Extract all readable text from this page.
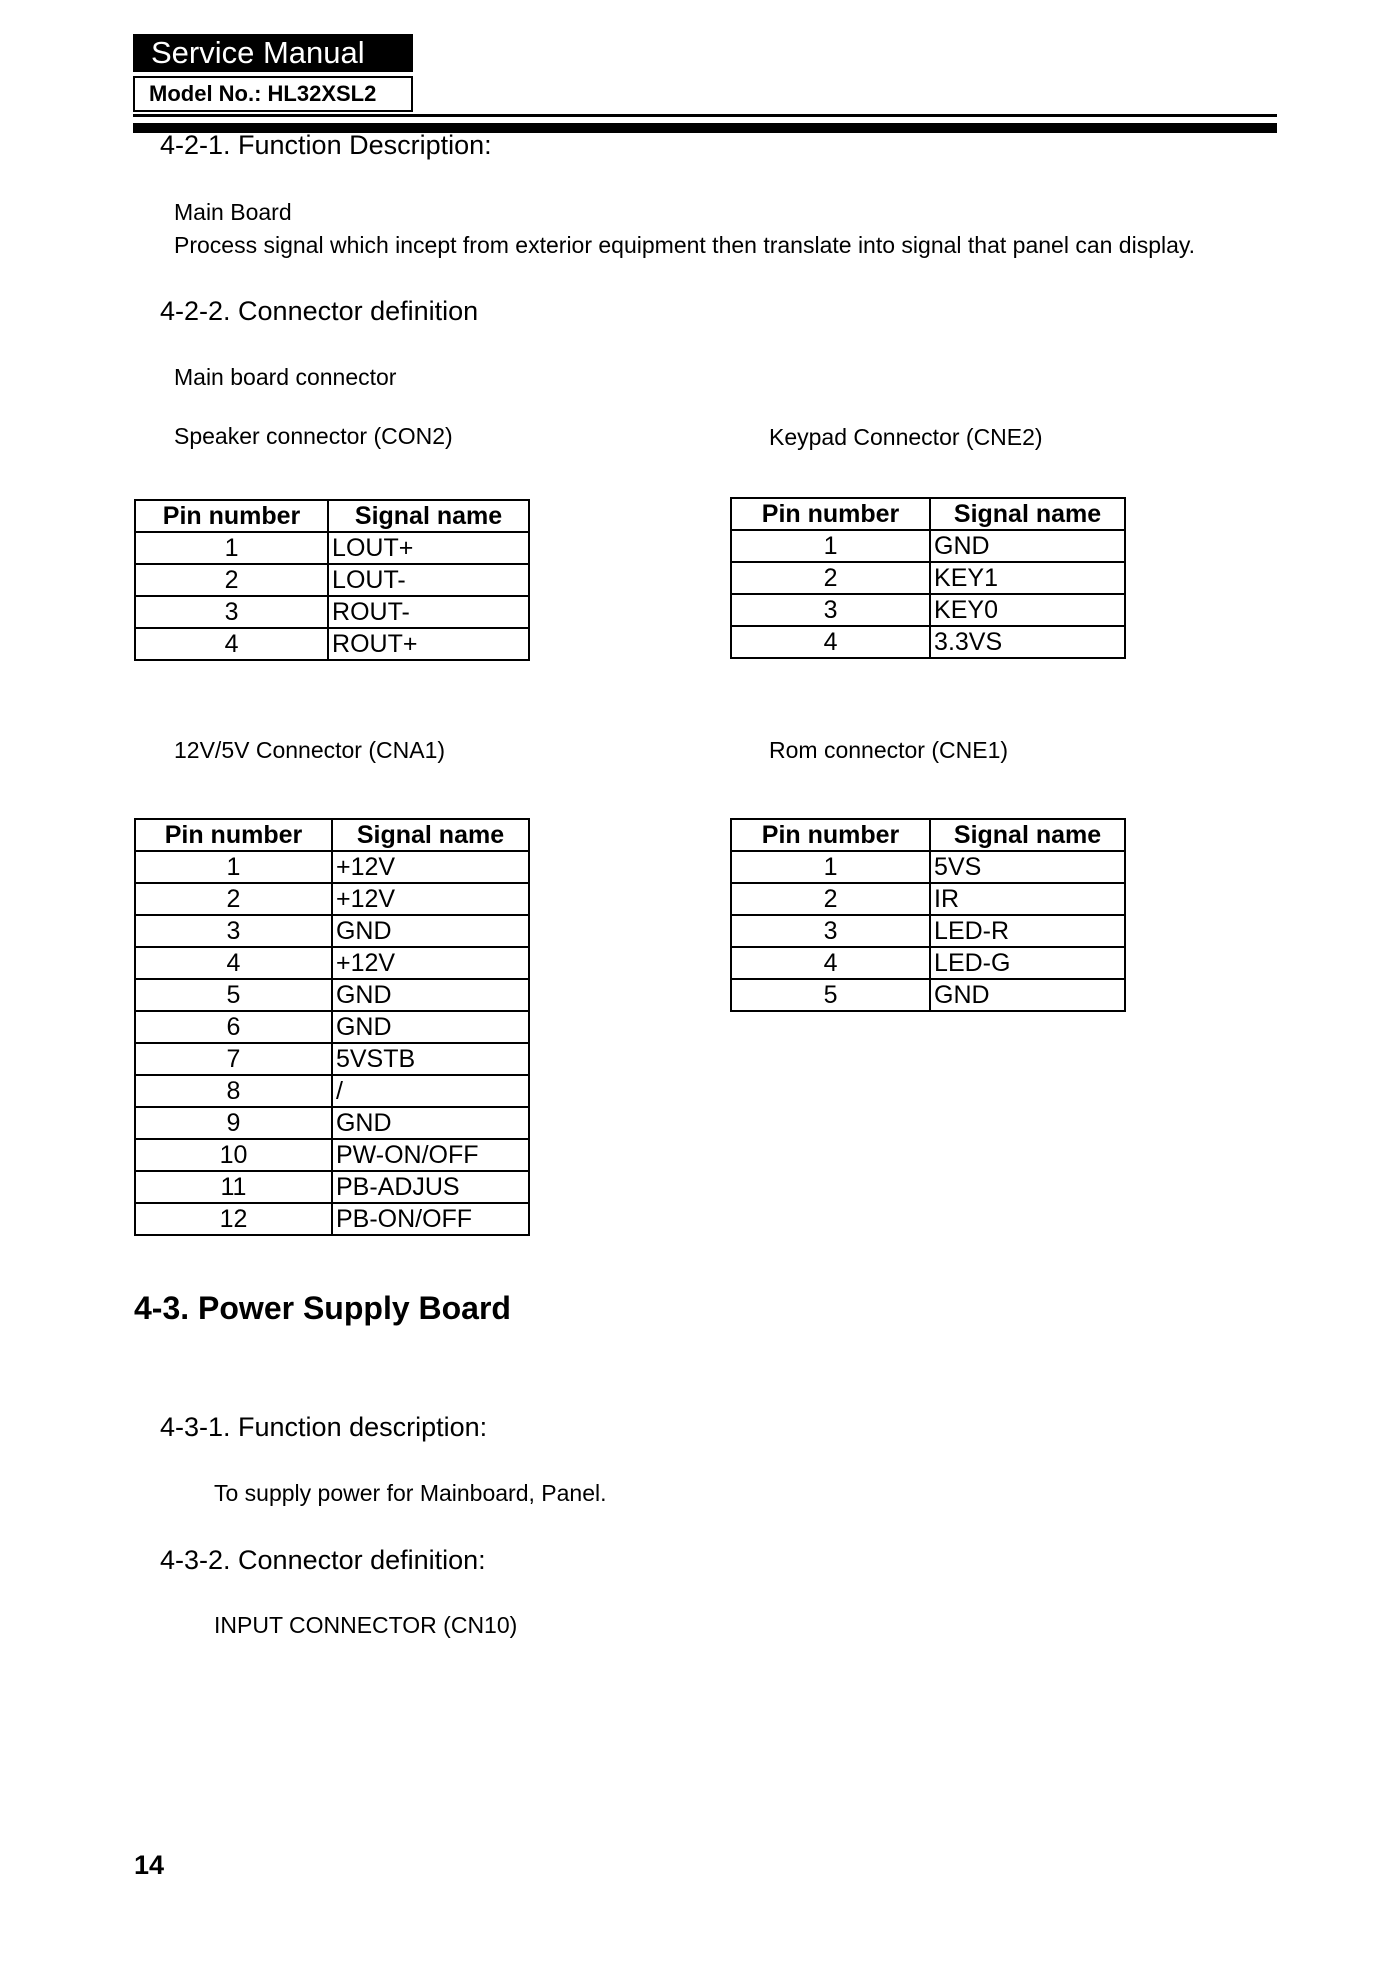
Service Manual
Model No.: HL32XSL2
4-2-1. Function Description:
Main Board
Process signal which incept from exterior equipment then translate into signal that panel can display.
4-2-2. Connector definition
Main board connector
Speaker connector (CON2)	Keypad Connector (CNE2)
12V/5V Connector (CNA1)	Rom connector (CNE1)
Pin number	Signal name
1	LOUT+
2	LOUT-
3	ROUT-
4	ROUT+
Pin number	Signal name
1	GND
2	KEY1
3	KEY0
4	3.3VS
Pin number	Signal name
1	+12V
2	+12V
3	GND
4	+12V
5	GND
6	GND
7	5VSTB
8	/
9	GND
10	PW-ON/OFF
11	PB-ADJUS
12	PB-ON/OFF
Pin number	Signal name
1	5VS
2	IR
3	LED-R
4	LED-G
5	GND
4-3. Power Supply Board
4-3-1. Function description:
To supply power for Mainboard, Panel.
4-3-2. Connector definition:
INPUT CONNECTOR (CN10)
14
